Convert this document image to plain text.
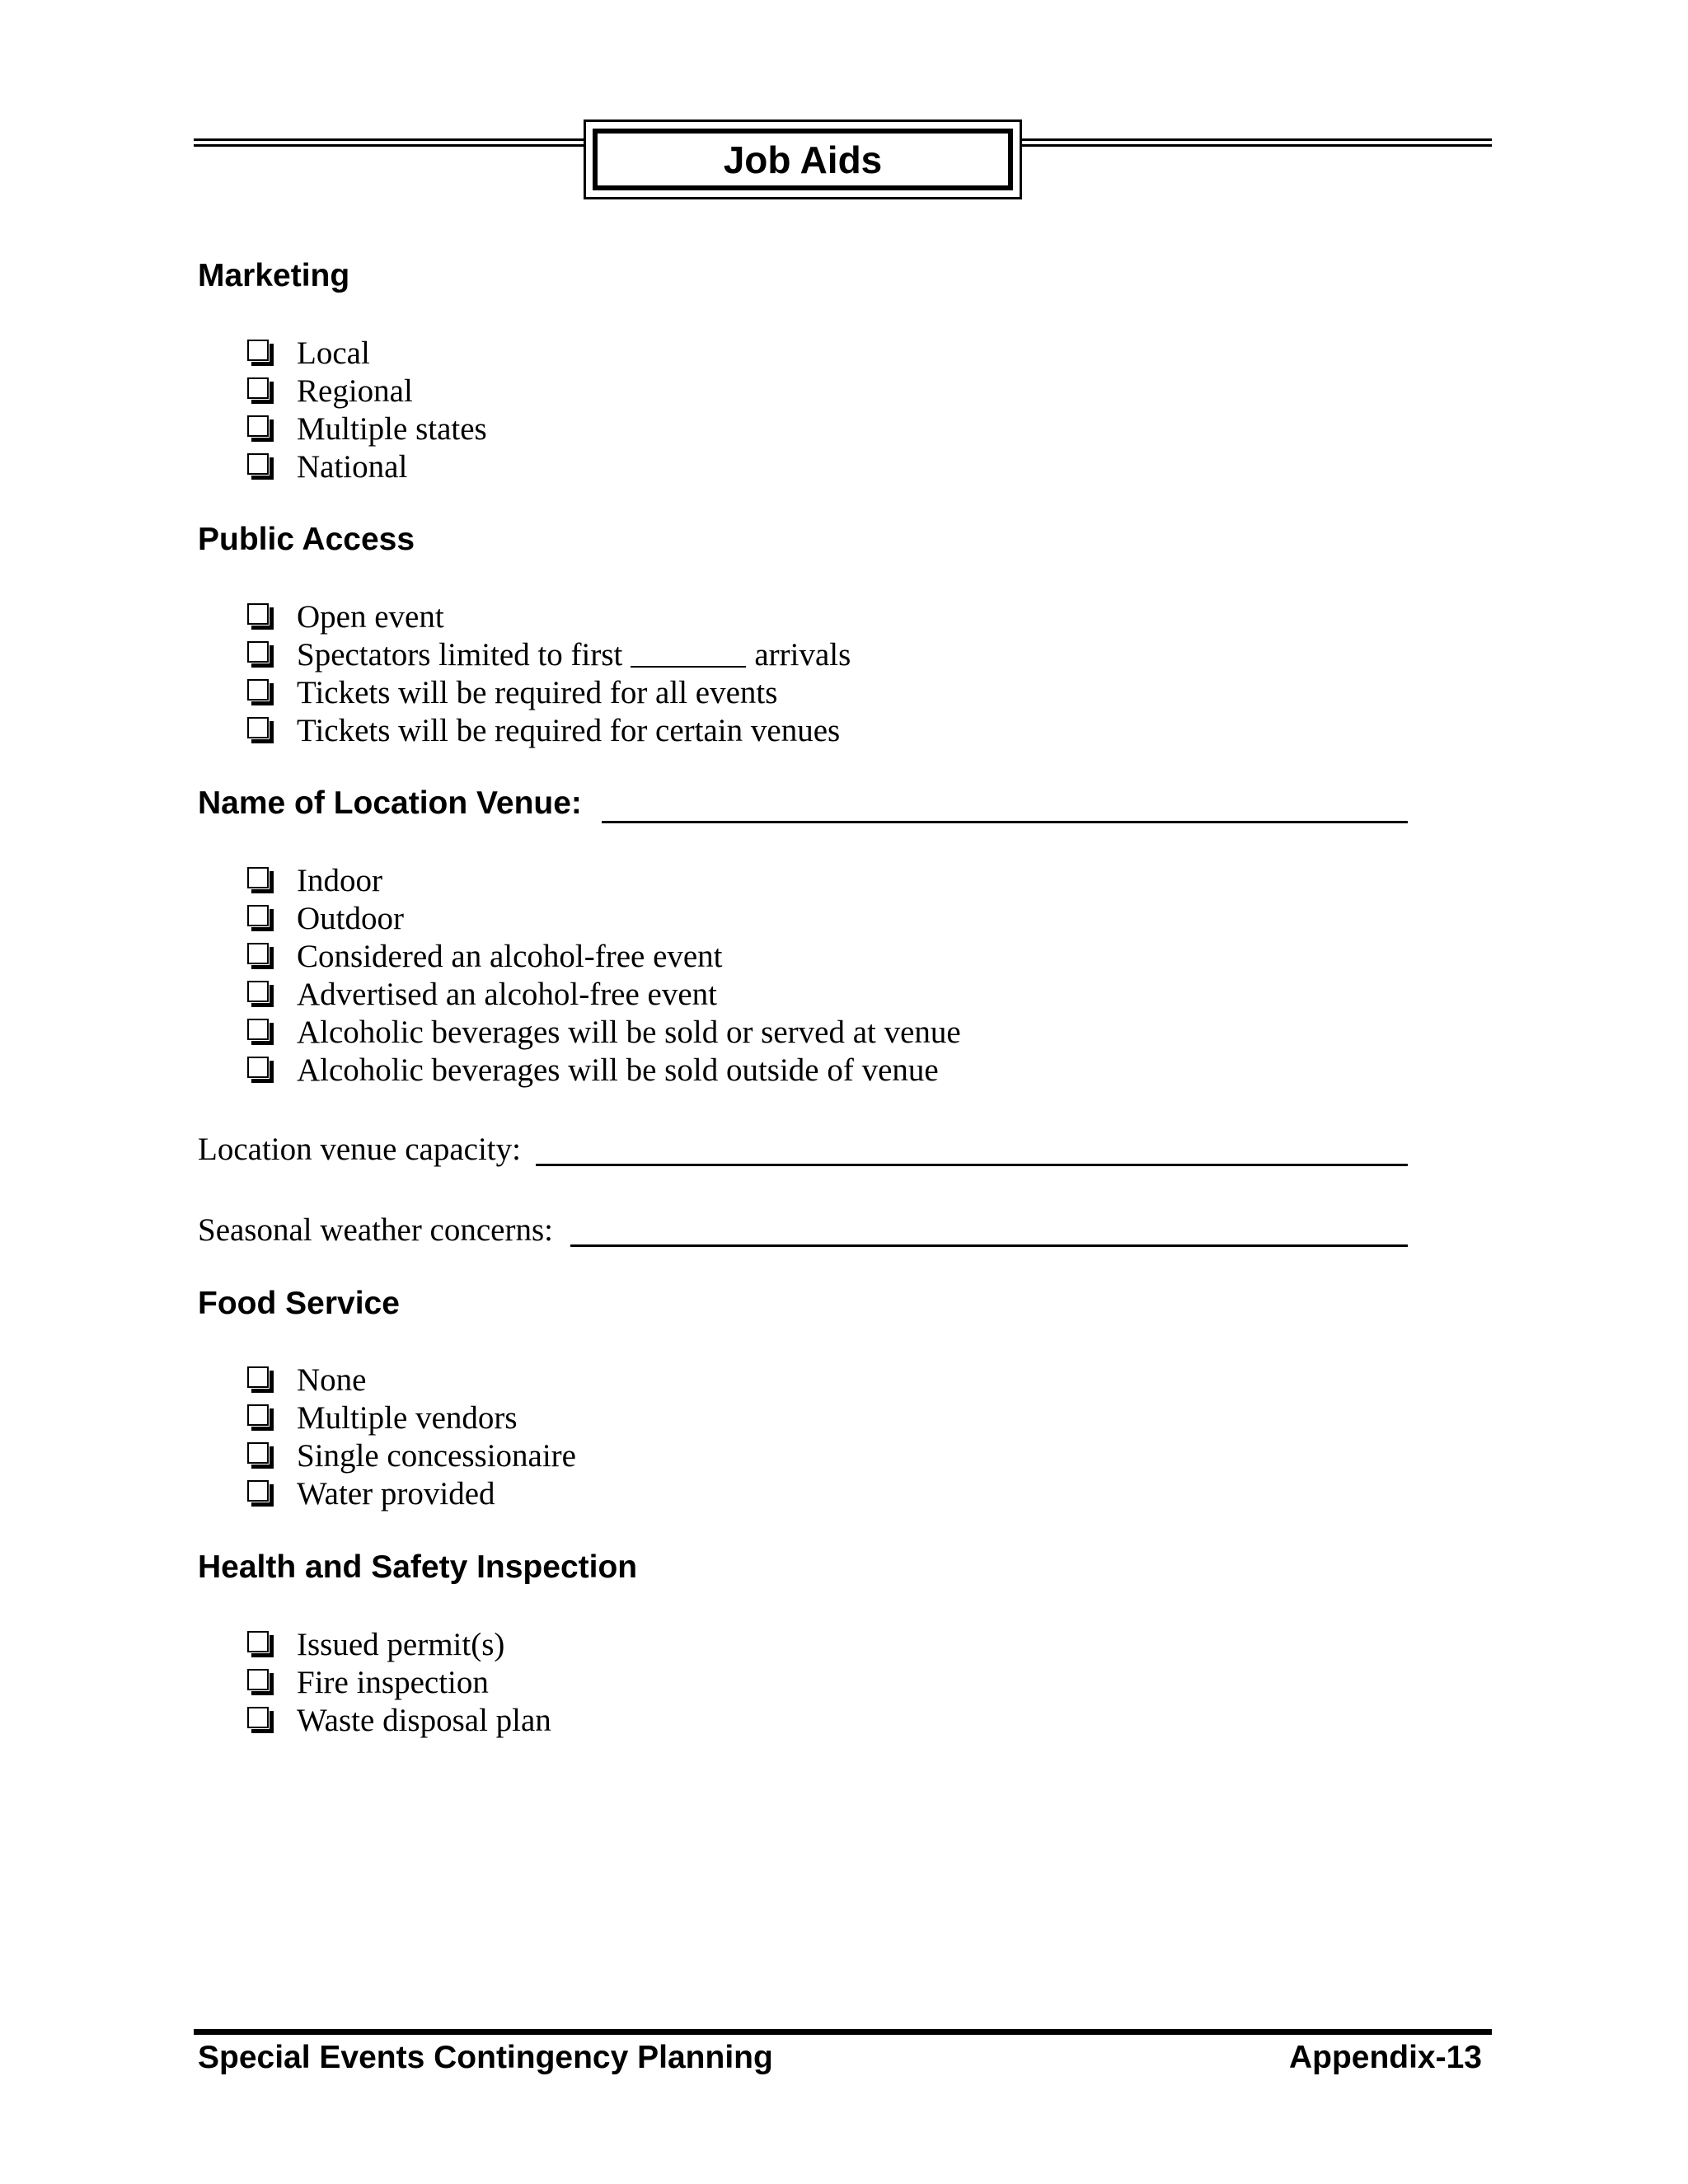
Job Aids
Marketing
Local
Regional
Multiple states
National
Public Access
Open event
Spectators limited to first	arrivals
Tickets will be required for all events
Tickets will be required for certain venues
Name of Location Venue:
Indoor
Outdoor
Considered an alcohol-free event
Advertised an alcohol-free event
Alcoholic beverages will be sold or served at venue
Alcoholic beverages will be sold outside of venue
Location venue capacity:
Seasonal weather concerns:
Food Service
None
Multiple vendors
Single concessionaire
Water provided
Health and Safety Inspection
Issued permit(s)
Fire inspection
Waste disposal plan
Special Events Contingency Planning	Appendix-13
